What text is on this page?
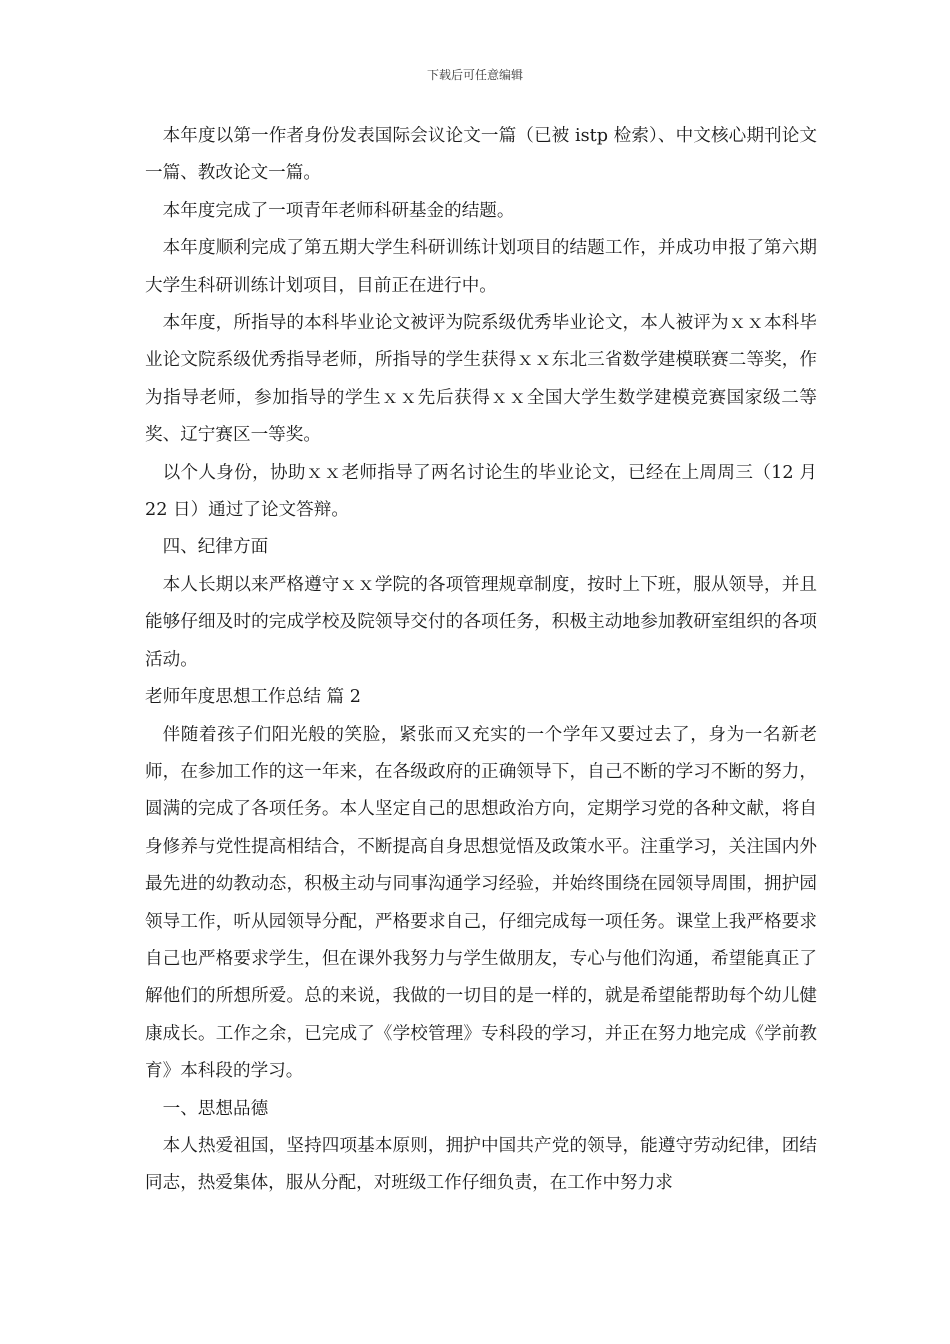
下载后可任意编辑

本年度以第一作者身份发表国际会议论文一篇（已被 istp 检索）、中文核心期刊论文一篇、教改论文一篇。

本年度完成了一项青年老师科研基金的结题。

本年度顺利完成了第五期大学生科研训练计划项目的结题工作，并成功申报了第六期大学生科研训练计划项目，目前正在进行中。

本年度，所指导的本科毕业论文被评为院系级优秀毕业论文，本人被评为ｘｘ本科毕业论文院系级优秀指导老师，所指导的学生获得ｘｘ东北三省数学建模联赛二等奖，作为指导老师，参加指导的学生ｘｘ先后获得ｘｘ全国大学生数学建模竞赛国家级二等奖、辽宁赛区一等奖。

以个人身份，协助ｘｘ老师指导了两名讨论生的毕业论文，已经在上周周三（12 月 22 日）通过了论文答辩。

四、纪律方面

本人长期以来严格遵守ｘｘ学院的各项管理规章制度，按时上下班，服从领导，并且能够仔细及时的完成学校及院领导交付的各项任务，积极主动地参加教研室组织的各项活动。

老师年度思想工作总结 篇 2

伴随着孩子们阳光般的笑脸，紧张而又充实的一个学年又要过去了，身为一名新老师，在参加工作的这一年来，在各级政府的正确领导下，自己不断的学习不断的努力，圆满的完成了各项任务。本人坚定自己的思想政治方向，定期学习党的各种文献，将自身修养与党性提高相结合，不断提高自身思想觉悟及政策水平。注重学习，关注国内外最先进的幼教动态，积极主动与同事沟通学习经验，并始终围绕在园领导周围，拥护园领导工作，听从园领导分配，严格要求自己，仔细完成每一项任务。课堂上我严格要求自己也严格要求学生，但在课外我努力与学生做朋友，专心与他们沟通，希望能真正了解他们的所想所爱。总的来说，我做的一切目的是一样的，就是希望能帮助每个幼儿健康成长。工作之余，已完成了《学校管理》专科段的学习，并正在努力地完成《学前教育》本科段的学习。

一、思想品德

本人热爱祖国，坚持四项基本原则，拥护中国共产党的领导，能遵守劳动纪律，团结同志，热爱集体，服从分配，对班级工作仔细负责，在工作中努力求
